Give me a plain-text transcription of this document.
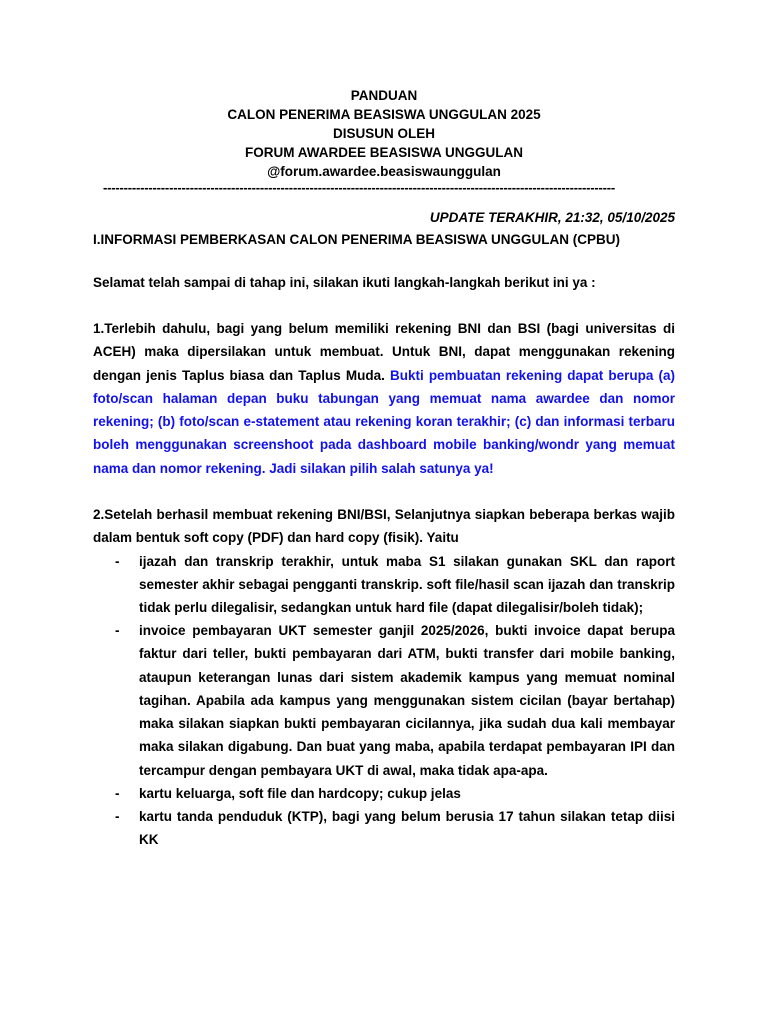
PANDUAN
CALON PENERIMA BEASISWA UNGGULAN 2025
DISUSUN OLEH
FORUM AWARDEE BEASISWA UNGGULAN
@forum.awardee.beasiswaunggulan
----------------------------------------------------------------------------------------------------------------------------
UPDATE TERAKHIR, 21:32, 05/10/2025
I.INFORMASI PEMBERKASAN CALON PENERIMA BEASISWA UNGGULAN (CPBU)
Selamat telah sampai di tahap ini, silakan ikuti langkah-langkah berikut ini ya :

1.Terlebih dahulu, bagi yang belum memiliki rekening BNI dan BSI (bagi universitas di ACEH) maka dipersilakan untuk membuat. Untuk BNI, dapat menggunakan rekening dengan jenis Taplus biasa dan Taplus Muda. Bukti pembuatan rekening dapat berupa (a) foto/scan halaman depan buku tabungan yang memuat nama awardee dan nomor rekening; (b) foto/scan e-statement atau rekening koran terakhir; (c) dan informasi terbaru boleh menggunakan screenshoot pada dashboard mobile banking/wondr yang memuat nama dan nomor rekening. Jadi silakan pilih salah satunya ya!

2.Setelah berhasil membuat rekening BNI/BSI, Selanjutnya siapkan beberapa berkas wajib dalam bentuk soft copy (PDF) dan hard copy (fisik). Yaitu

- ijazah dan transkrip terakhir, untuk maba S1 silakan gunakan SKL dan raport semester akhir sebagai pengganti transkrip. soft file/hasil scan ijazah dan transkrip tidak perlu dilegalisir, sedangkan untuk hard file (dapat dilegalisir/boleh tidak);
- invoice pembayaran UKT semester ganjil 2025/2026, bukti invoice dapat berupa faktur dari teller, bukti pembayaran dari ATM, bukti transfer dari mobile banking, ataupun keterangan lunas dari sistem akademik kampus yang memuat nominal tagihan. Apabila ada kampus yang menggunakan sistem cicilan (bayar bertahap) maka silakan siapkan bukti pembayaran cicilannya, jika sudah dua kali membayar maka silakan digabung. Dan buat yang maba, apabila terdapat pembayaran IPI dan tercampur dengan pembayara UKT di awal, maka tidak apa-apa.
- kartu keluarga, soft file dan hardcopy; cukup jelas
- kartu tanda penduduk (KTP), bagi yang belum berusia 17 tahun silakan tetap diisi KK
